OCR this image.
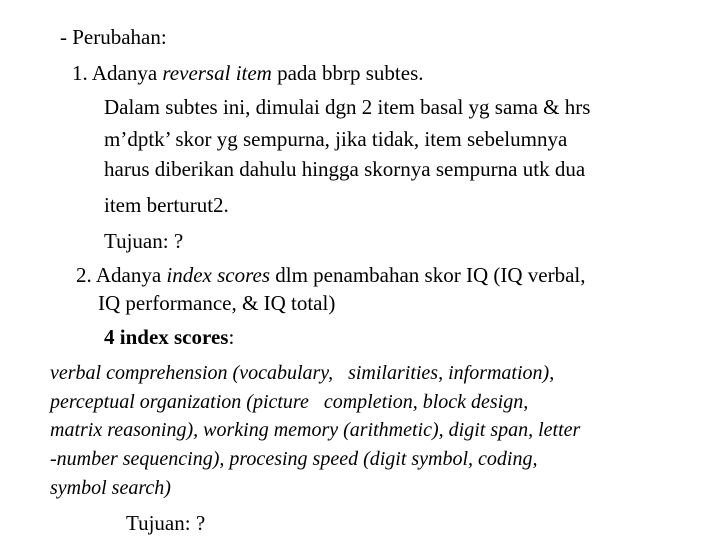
- Perubahan:
1. Adanya reversal item pada bbrp subtes.
Dalam subtes ini, dimulai dgn 2 item basal yg sama & hrs
m’dptk’ skor yg sempurna, jika tidak, item sebelumnya
harus diberikan dahulu hingga skornya sempurna utk dua
item berturut2.
Tujuan: ?
2. Adanya index scores dlm penambahan skor IQ (IQ verbal,
IQ performance, & IQ total)
4 index scores:
verbal comprehension (vocabulary,   similarities, information),
perceptual organization (picture   completion, block design,
matrix reasoning), working memory (arithmetic), digit span, letter
-number sequencing), procesing speed (digit symbol, coding,
symbol search)
Tujuan: ?
